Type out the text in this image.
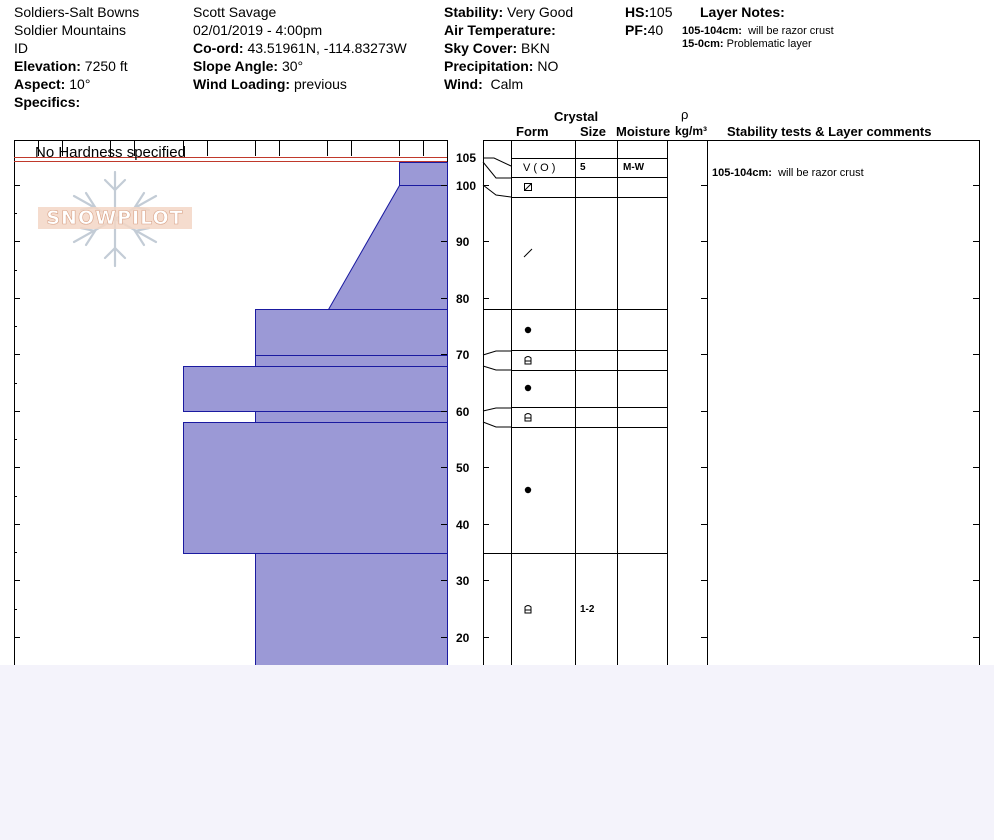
SNOWPILOT
Soldiers-Salt Bowns
Soldier Mountains
ID
Elevation: 7250 ft
Aspect: 10°
Specifics:
Scott Savage
02/01/2019 - 4:00pm
Co-ord: 43.51961N, -114.83273W
Slope Angle: 30°
Wind Loading: previous
Stability: Very Good
Air Temperature:
Sky Cover: BKN
Precipitation: NO
Wind: Calm
HS:105
PF:40
Layer Notes:
105-104cm: will be razor crust
15-0cm: Problematic layer
No Hardness specified
Crystal
Form Size Moisture
ρ
kg/m³ Stability tests & Layer comments
105
100
90
80
70
60
50
40
30
20
V ( O ) 5	M-W
1-2
105-104cm: will be razor crust
